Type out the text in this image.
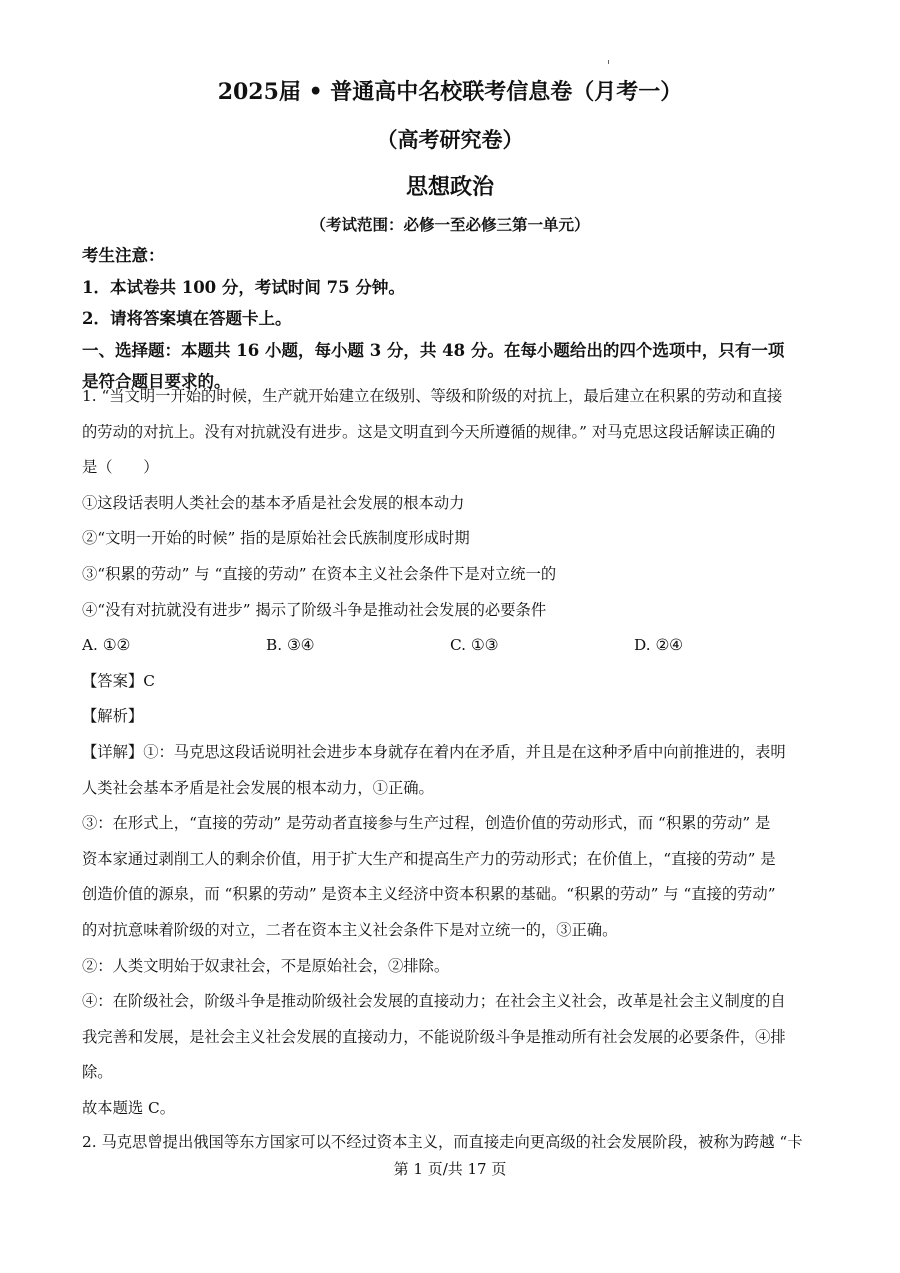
2025届 • 普通高中名校联考信息卷（月考一）
（高考研究卷）
思想政治
（考试范围：必修一至必修三第一单元）
考生注意：
1．本试卷共 100 分，考试时间 75 分钟。
2．请将答案填在答题卡上。
一、选择题：本题共 16 小题，每小题 3 分，共 48 分。在每小题给出的四个选项中，只有一项
是符合题目要求的。
1. “当文明一开始的时候，生产就开始建立在级别、等级和阶级的对抗上，最后建立在积累的劳动和直接
的劳动的对抗上。没有对抗就没有进步。这是文明直到今天所遵循的规律。” 对马克思这段话解读正确的
是（　　）
①这段话表明人类社会的基本矛盾是社会发展的根本动力
②“文明一开始的时候” 指的是原始社会氏族制度形成时期
③“积累的劳动” 与 “直接的劳动” 在资本主义社会条件下是对立统一的
④“没有对抗就没有进步” 揭示了阶级斗争是推动社会发展的必要条件
A. ①②	B. ③④	C. ①③	D. ②④
【答案】C
【解析】
【详解】①：马克思这段话说明社会进步本身就存在着内在矛盾，并且是在这种矛盾中向前推进的，表明
人类社会基本矛盾是社会发展的根本动力，①正确。
③：在形式上，“直接的劳动” 是劳动者直接参与生产过程，创造价值的劳动形式，而 “积累的劳动” 是
资本家通过剥削工人的剩余价值，用于扩大生产和提高生产力的劳动形式；在价值上，“直接的劳动” 是
创造价值的源泉，而 “积累的劳动” 是资本主义经济中资本积累的基础。“积累的劳动” 与 “直接的劳动”
的对抗意味着阶级的对立，二者在资本主义社会条件下是对立统一的，③正确。
②：人类文明始于奴隶社会，不是原始社会，②排除。
④：在阶级社会，阶级斗争是推动阶级社会发展的直接动力；在社会主义社会，改革是社会主义制度的自
我完善和发展，是社会主义社会发展的直接动力，不能说阶级斗争是推动所有社会发展的必要条件，④排
除。
故本题选 C。
2. 马克思曾提出俄国等东方国家可以不经过资本主义，而直接走向更高级的社会发展阶段，被称为跨越 “卡
第 1 页/共 17 页
